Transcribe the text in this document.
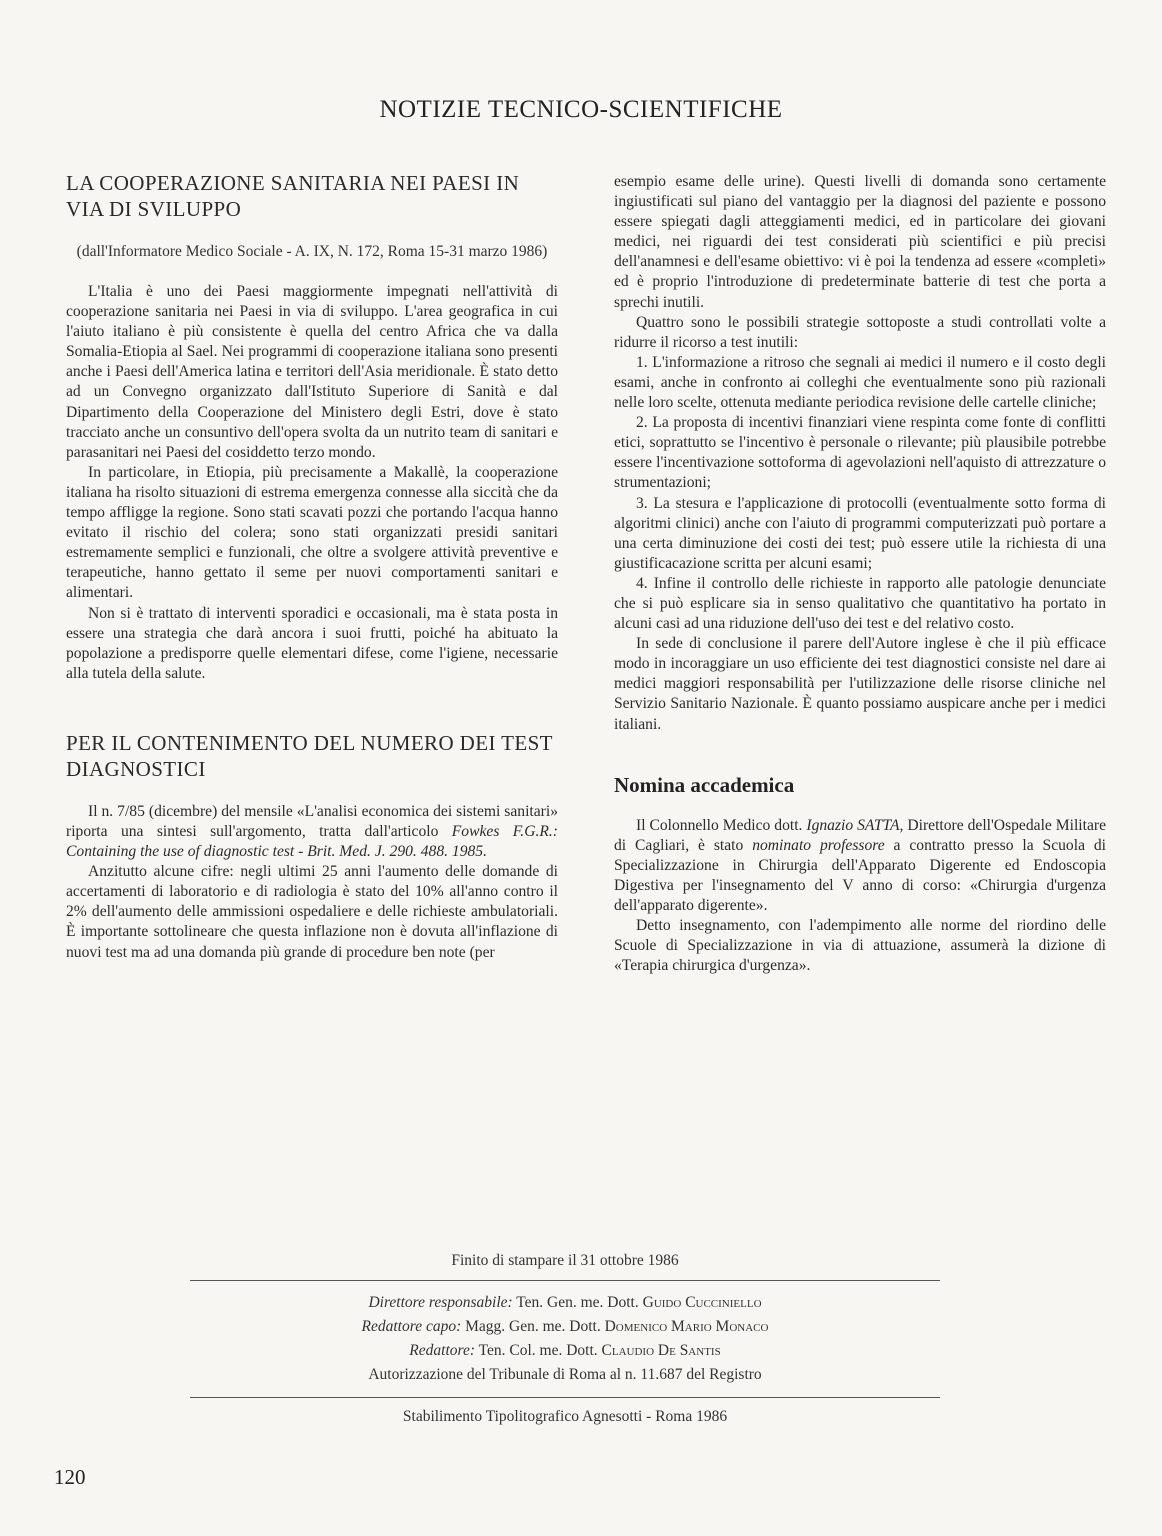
NOTIZIE TECNICO-SCIENTIFICHE
LA COOPERAZIONE SANITARIA NEI PAESI IN VIA DI SVILUPPO
(dall'Informatore Medico Sociale - A. IX, N. 172, Roma 15-31 marzo 1986)

L'Italia è uno dei Paesi maggiormente impegnati nell'attività di cooperazione sanitaria nei Paesi in via di sviluppo. L'area geografica in cui l'aiuto italiano è più consistente è quella del centro Africa che va dalla Somalia-Etiopia al Sael. Nei programmi di cooperazione italiana sono presenti anche i Paesi dell'America latina e territori dell'Asia meridionale. È stato detto ad un Convegno organizzato dall'Istituto Superiore di Sanità e dal Dipartimento della Cooperazione del Ministero degli Estri, dove è stato tracciato anche un consuntivo dell'opera svolta da un nutrito team di sanitari e parasanitari nei Paesi del cosiddetto terzo mondo.

In particolare, in Etiopia, più precisamente a Makallè, la cooperazione italiana ha risolto situazioni di estrema emergenza connesse alla siccità che da tempo affligge la regione. Sono stati scavati pozzi che portando l'acqua hanno evitato il rischio del colera; sono stati organizzati presidi sanitari estremamente semplici e funzionali, che oltre a svolgere attività preventive e terapeutiche, hanno gettato il seme per nuovi comportamenti sanitari e alimentari.

Non si è trattato di interventi sporadici e occasionali, ma è stata posta in essere una strategia che darà ancora i suoi frutti, poiché ha abituato la popolazione a predisporre quelle elementari difese, come l'igiene, necessarie alla tutela della salute.

PER IL CONTENIMENTO DEL NUMERO DEI TEST DIAGNOSTICI

Il n. 7/85 (dicembre) del mensile «L'analisi economica dei sistemi sanitari» riporta una sintesi sull'argomento, tratta dall'articolo Fowkes F.G.R.: Containing the use of diagnostic test - Brit. Med. J. 290. 488. 1985.

Anzitutto alcune cifre: negli ultimi 25 anni l'aumento delle domande di accertamenti di laboratorio e di radiologia è stato del 10% all'anno contro il 2% dell'aumento delle ammissioni ospedaliere e delle richieste ambulatoriali. È importante sottolineare che questa inflazione non è dovuta all'inflazione di nuovi test ma ad una domanda più grande di procedure ben note (per

esempio esame delle urine). Questi livelli di domanda sono certamente ingiustificati sul piano del vantaggio per la diagnosi del paziente e possono essere spiegati dagli atteggiamenti medici, ed in particolare dei giovani medici, nei riguardi dei test considerati più scientifici e più precisi dell'anamnesi e dell'esame obiettivo: vi è poi la tendenza ad essere «completi» ed è proprio l'introduzione di predeterminate batterie di test che porta a sprechi inutili.

Quattro sono le possibili strategie sottoposte a studi controllati volte a ridurre il ricorso a test inutili:

1. L'informazione a ritroso che segnali ai medici il numero e il costo degli esami, anche in confronto ai colleghi che eventualmente sono più razionali nelle loro scelte, ottenuta mediante periodica revisione delle cartelle cliniche;

2. La proposta di incentivi finanziari viene respinta come fonte di conflitti etici, soprattutto se l'incentivo è personale o rilevante; più plausibile potrebbe essere l'incentivazione sottoforma di agevolazioni nell'aquisto di attrezzature o strumentazioni;

3. La stesura e l'applicazione di protocolli (eventualmente sotto forma di algoritmi clinici) anche con l'aiuto di programmi computerizzati può portare a una certa diminuzione dei costi dei test; può essere utile la richiesta di una giustificacazione scritta per alcuni esami;

4. Infine il controllo delle richieste in rapporto alle patologie denunciate che si può esplicare sia in senso qualitativo che quantitativo ha portato in alcuni casi ad una riduzione dell'uso dei test e del relativo costo.

In sede di conclusione il parere dell'Autore inglese è che il più efficace modo in incoraggiare un uso efficiente dei test diagnostici consiste nel dare ai medici maggiori responsabilità per l'utilizzazione delle risorse cliniche nel Servizio Sanitario Nazionale. È quanto possiamo auspicare anche per i medici italiani.

Nomina accademica

Il Colonnello Medico dott. Ignazio SATTA, Direttore dell'Ospedale Militare di Cagliari, è stato nominato professore a contratto presso la Scuola di Specializzazione in Chirurgia dell'Apparato Digerente ed Endoscopia Digestiva per l'insegnamento del V anno di corso: «Chirurgia d'urgenza dell'apparato digerente».

Detto insegnamento, con l'adempimento alle norme del riordino delle Scuole di Specializzazione in via di attuazione, assumerà la dizione di «Terapia chirurgica d'urgenza».

Finito di stampare il 31 ottobre 1986
Direttore responsabile: Ten. Gen. me. Dott. Guido Cucciniello
Redattore capo: Magg. Gen. me. Dott. Domenico Mario Monaco
Redattore: Ten. Col. me. Dott. Claudio De Santis
Autorizzazione del Tribunale di Roma al n. 11.687 del Registro
Stabilimento Tipolitografico Agnesotti - Roma 1986
120
